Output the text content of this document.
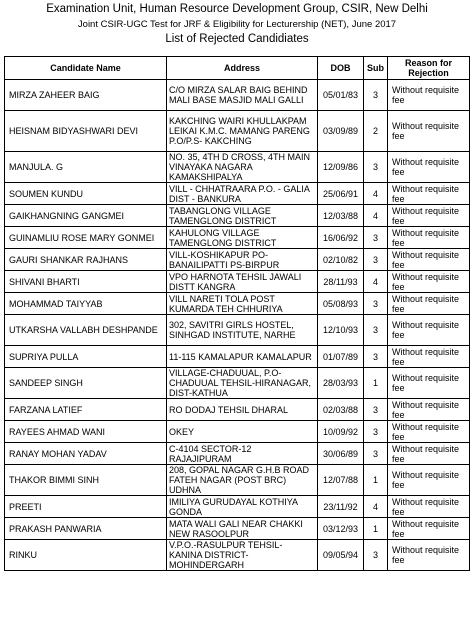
Examination Unit, Human Resource Development Group, CSIR, New Delhi
Joint CSIR-UGC Test for JRF & Eligibility for Lecturership (NET), June 2017
List of Rejected Candidiates
Candidate Name	Address	DOB	Sub	Reason for Rejection
MIRZA ZAHEER BAIG	C/O MIRZA SALAR BAIG BEHIND MALI BASE MASJID MALI GALLI	05/01/83	3	Without requisite fee
HEISNAM BIDYASHWARI DEVI	KAKCHING WAIRI KHULLAKPAM LEIKAI K.M.C. MAMANG PARENG P.O/P.S- KAKCHING	03/09/89	2	Without requisite fee
MANJULA. G	NO. 35, 4TH D CROSS, 4TH MAIN VINAYAKA NAGARA KAMAKSHIPALYA	12/09/86	3	Without requisite fee
SOUMEN KUNDU	VILL - CHHATRAARA P.O. - GALIA DIST - BANKURA	25/06/91	4	Without requisite fee
GAIKHANGNING GANGMEI	TABANGLONG VILLAGE TAMENGLONG DISTRICT	12/03/88	4	Without requisite fee
GUINAMLIU ROSE MARY GONMEI	KAHULONG VILLAGE TAMENGLONG DISTRICT	16/06/92	3	Without requisite fee
GAURI SHANKAR RAJHANS	VILL-KOSHIKAPUR PO-BANAILIPATTI PS-BIRPUR	02/10/82	3	Without requisite fee
SHIVANI BHARTI	VPO HARNOTA TEHSIL JAWALI DISTT KANGRA	28/11/93	4	Without requisite fee
MOHAMMAD TAIYYAB	VILL NARETI TOLA POST KUMARDA TEH CHHURIYA	05/08/93	3	Without requisite fee
UTKARSHA VALLABH DESHPANDE	302, SAVITRI GIRLS HOSTEL, SINHGAD INSTITUTE, NARHE	12/10/93	3	Without requisite fee
SUPRIYA PULLA	11-115 KAMALAPUR KAMALAPUR	01/07/89	3	Without requisite fee
SANDEEP SINGH	VILLAGE-CHADUUAL, P.O-CHADUUAL TEHSIL-HIRANAGAR, DIST-KATHUA	28/03/93	1	Without requisite fee
FARZANA LATIEF	RO DODAJ TEHSIL DHARAL	02/03/88	3	Without requisite fee
RAYEES AHMAD WANI	OKEY	10/09/92	3	Without requisite fee
RANAY MOHAN YADAV	C-4104 SECTOR-12 RAJAJIPURAM	30/06/89	3	Without requisite fee
THAKOR BIMMI SINH	208, GOPAL NAGAR G.H.B ROAD FATEH NAGAR (POST BRC) UDHNA	12/07/88	1	Without requisite fee
PREETI	IMILIYA GURUDAYAL KOTHIYA GONDA	23/11/92	4	Without requisite fee
PRAKASH PANWARIA	MATA WALI GALI NEAR CHAKKI NEW RASOOLPUR	03/12/93	1	Without requisite fee
RINKU	V.P.O.-RASULPUR TEHSIL-KANINA DISTRICT-MOHINDERGARH	09/05/94	3	Without requisite fee
